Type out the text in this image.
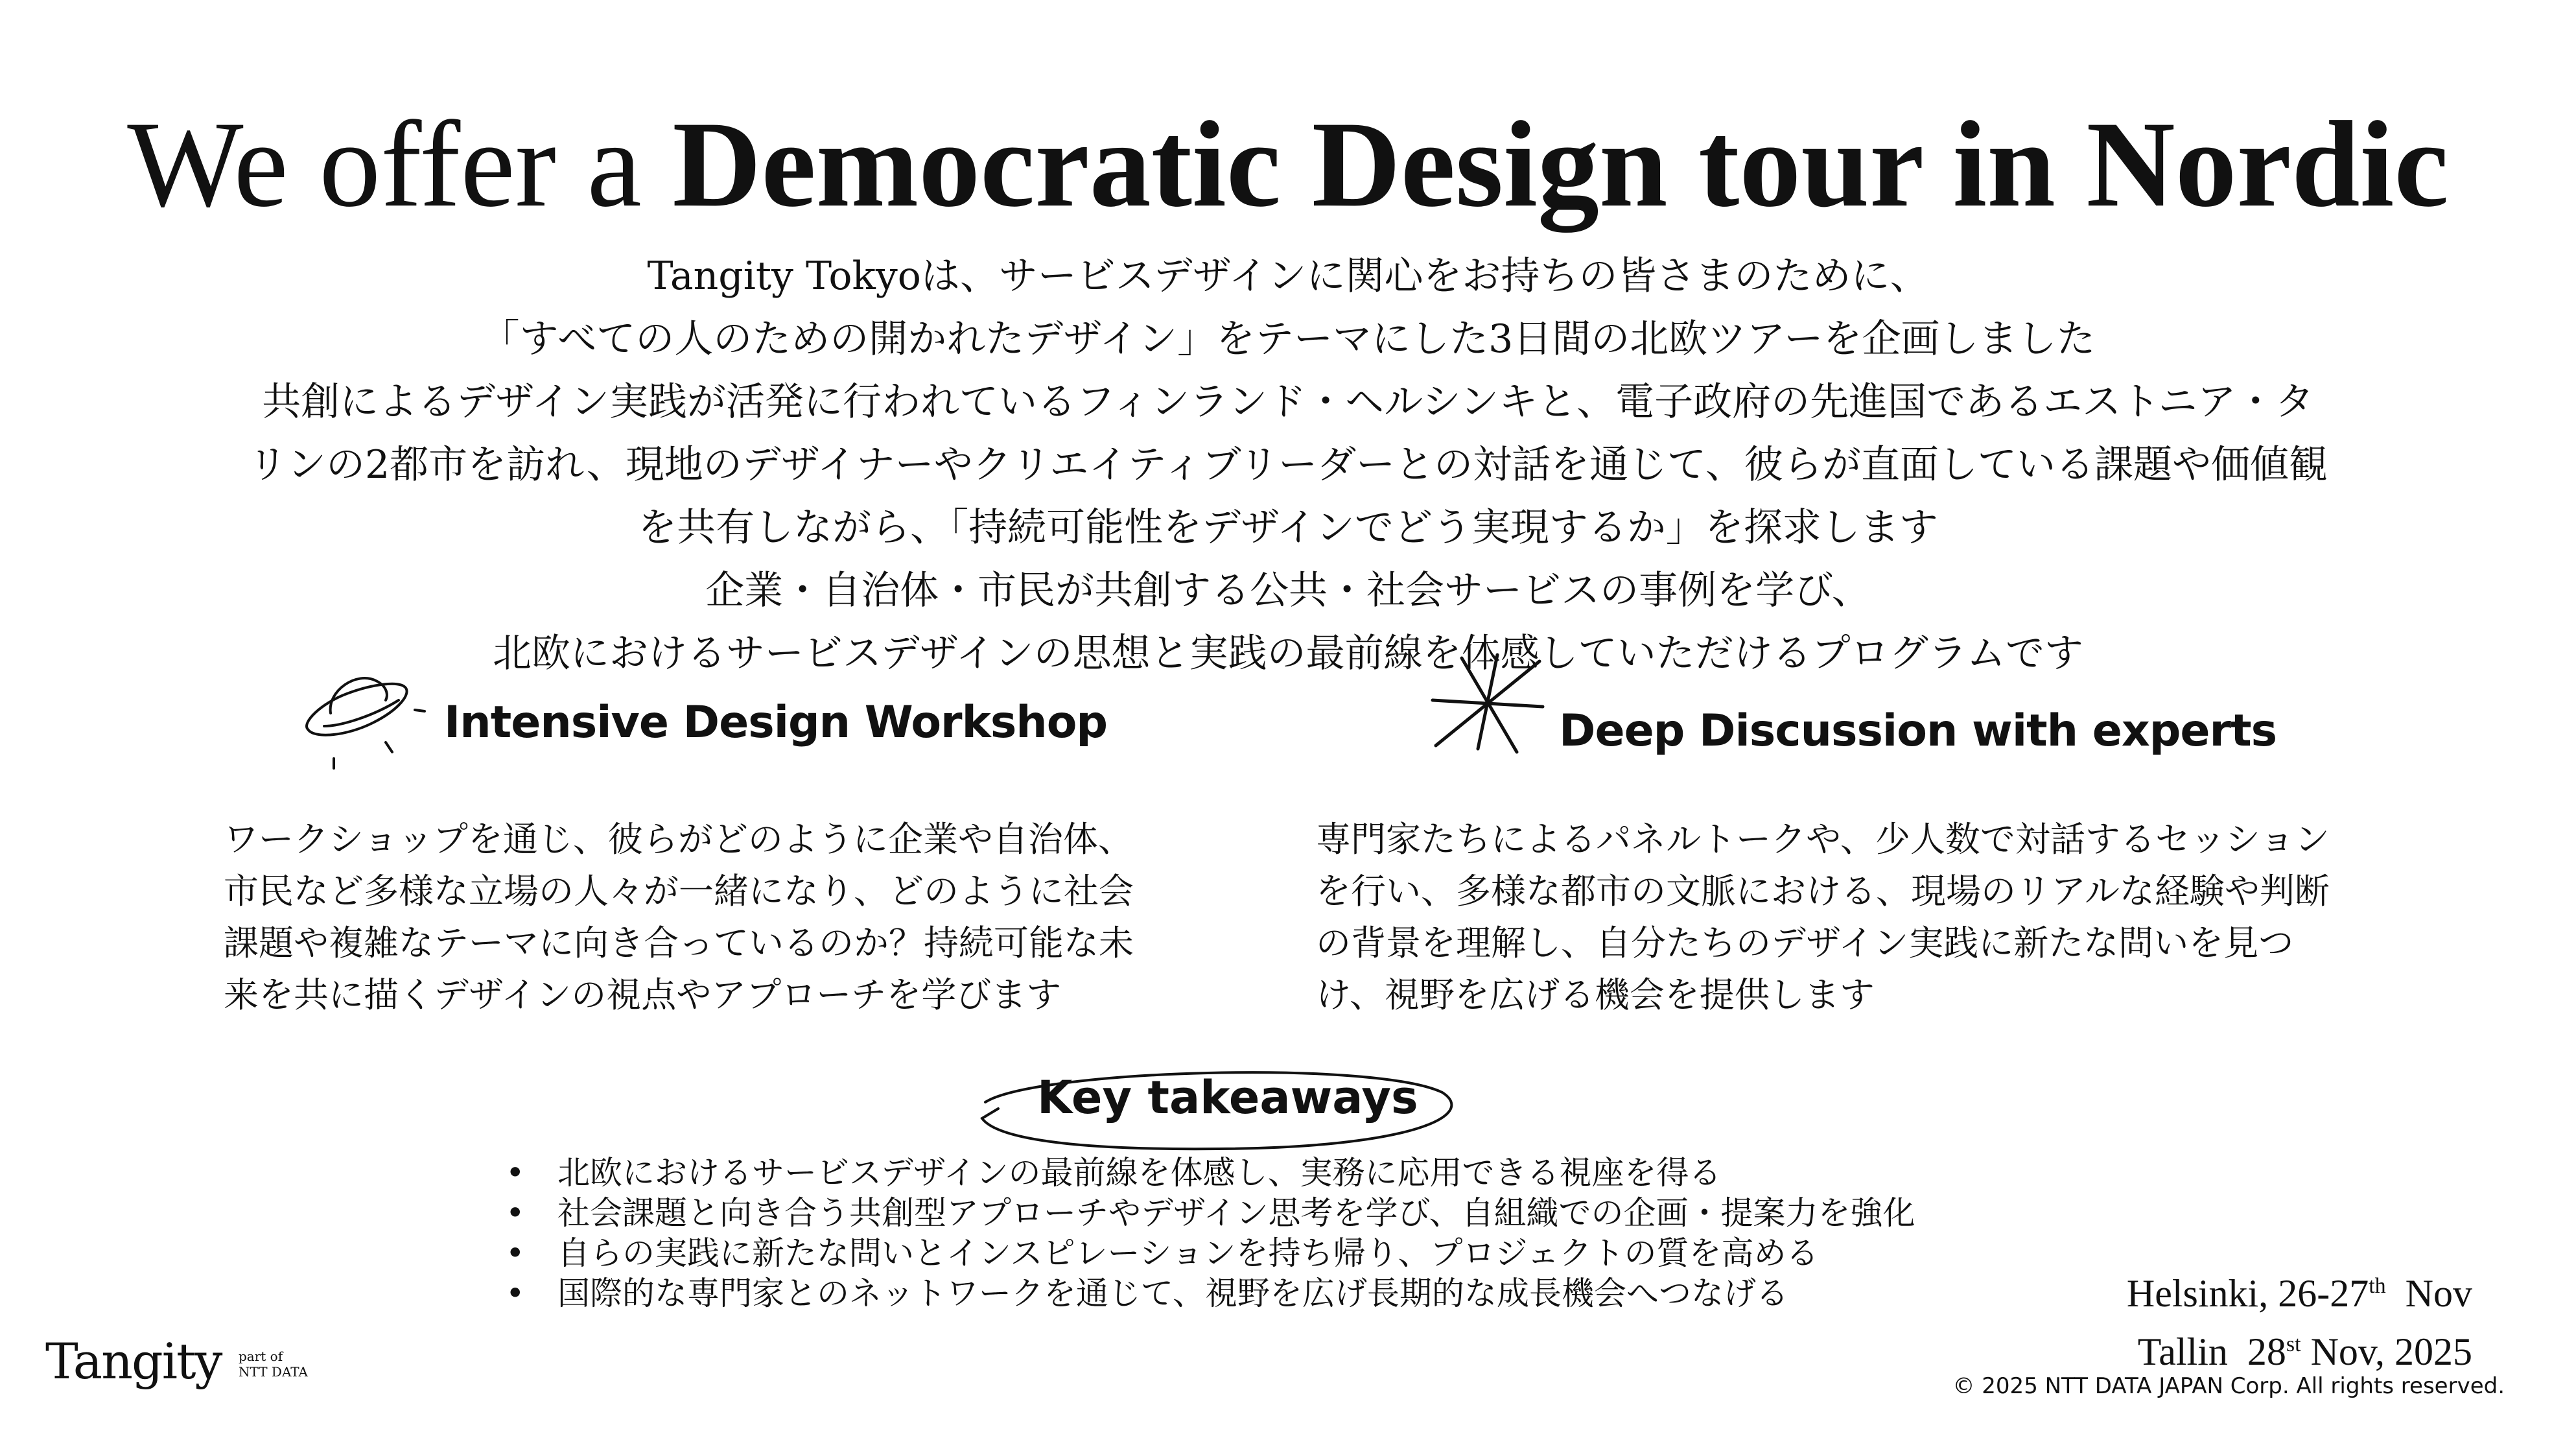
We offer a Democratic Design tour in Nordic
Tangity Tokyoは、サービスデザインに関心をお持ちの皆さまのために、
「すべての人のための開かれたデザイン」をテーマにした3日間の北欧ツアーを企画しました
共創によるデザイン実践が活発に行われているフィンランド・ヘルシンキと、電子政府の先進国であるエストニア・タ
リンの2都市を訪れ、現地のデザイナーやクリエイティブリーダーとの対話を通じて、彼らが直面している課題や価値観
を共有しながら、「持続可能性をデザインでどう実現するか」を探求します
企業・自治体・市民が共創する公共・社会サービスの事例を学び、
北欧におけるサービスデザインの思想と実践の最前線を体感していただけるプログラムです
Intensive Design Workshop
ワークショップを通じ、彼らがどのように企業や自治体、
市民など多様な立場の人々が一緒になり、どのように社会
課題や複雑なテーマに向き合っているのか？持続可能な未
来を共に描くデザインの視点やアプローチを学びます
Deep Discussion with experts
専門家たちによるパネルトークや、少人数で対話するセッション
を行い、多様な都市の文脈における、現場のリアルな経験や判断
の背景を理解し、自分たちのデザイン実践に新たな問いを見つ
け、視野を広げる機会を提供します
Key takeaways
•	北欧におけるサービスデザインの最前線を体感し、実務に応用できる視座を得る
•	社会課題と向き合う共創型アプローチやデザイン思考を学び、自組織での企画・提案力を強化
•	自らの実践に新たな問いとインスピレーションを持ち帰り、プロジェクトの質を高める
•	国際的な専門家とのネットワークを通じて、視野を広げ長期的な成長機会へつなげる	Helsinki, 26-27th  Nov
Tallin  28st Nov, 2025
Tangity part of
NTT DATA
© 2025 NTT DATA JAPAN Corp. All rights reserved.
